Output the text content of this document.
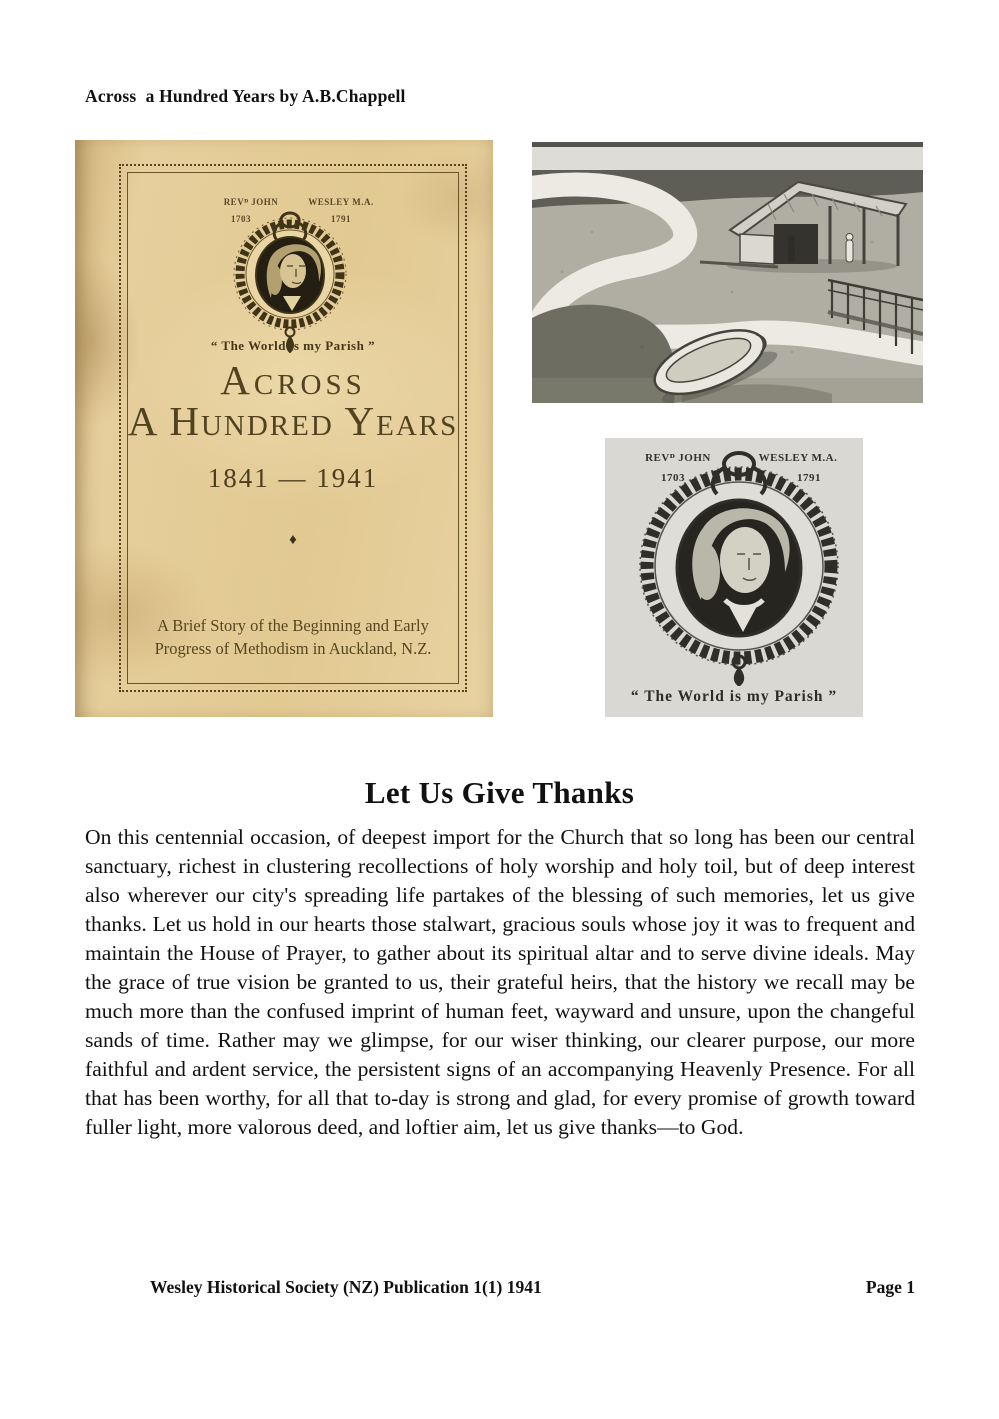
Across  a Hundred Years by A.B.Chappell
REVᴰ JOHN	WESLEY M.A.
1703	1791
“ The World is my Parish ”
Across
A Hundred Years
1841 — 1941
♦
A Brief Story of the Beginning and Early
Progress of Methodism in Auckland, N.Z.
REVᴰ JOHN	WESLEY M.A.
1703	1791
“ The World is my Parish ”
Let Us Give Thanks
On this centennial occasion, of deepest import for the Church that so long has been our central sanctuary, richest in clustering recollections of holy worship and holy toil, but of deep interest also wherever our city's spreading life partakes of the blessing of such memories, let us give thanks. Let us hold in our hearts those stalwart, gracious souls whose joy it was to frequent and maintain the House of Prayer, to gather about its spiritual altar and to serve divine ideals. May the grace of true vision be granted to us, their grateful heirs, that the history we recall may be much more than the confused imprint of human feet, wayward and unsure, upon the changeful sands of time. Rather may we glimpse, for our wiser thinking, our clearer purpose, our more faithful and ardent service, the persistent signs of an accompanying Heavenly Presence. For all that has been worthy, for all that to-day is strong and glad, for every promise of growth toward fuller light, more valorous deed, and loftier aim, let us give thanks—to God.
Wesley Historical Society (NZ) Publication 1(1) 1941	Page 1
